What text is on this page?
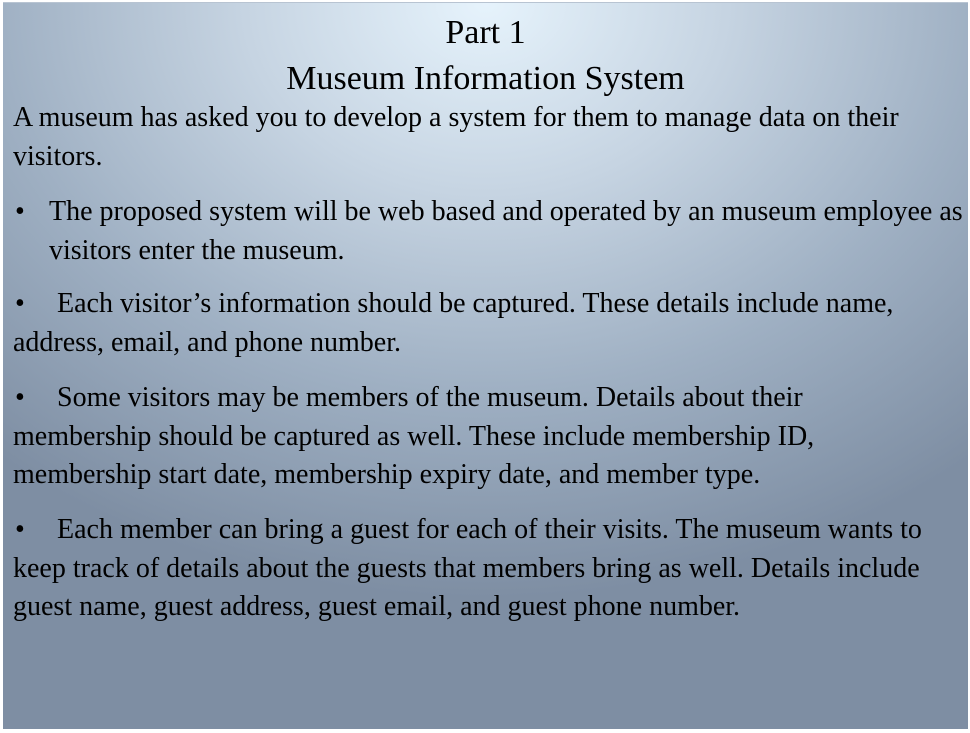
Part 1
Museum Information System

A museum has asked you to develop a system for them to manage data on their visitors.

• The proposed system will be web based and operated by an museum employee as visitors enter the museum.

• Each visitor’s information should be captured. These details include name, address, email, and phone number.

• Some visitors may be members of the museum. Details about their membership should be captured as well. These include membership ID, membership start date, membership expiry date, and member type.

• Each member can bring a guest for each of their visits. The museum wants to keep track of details about the guests that members bring as well. Details include guest name, guest address, guest email, and guest phone number.
